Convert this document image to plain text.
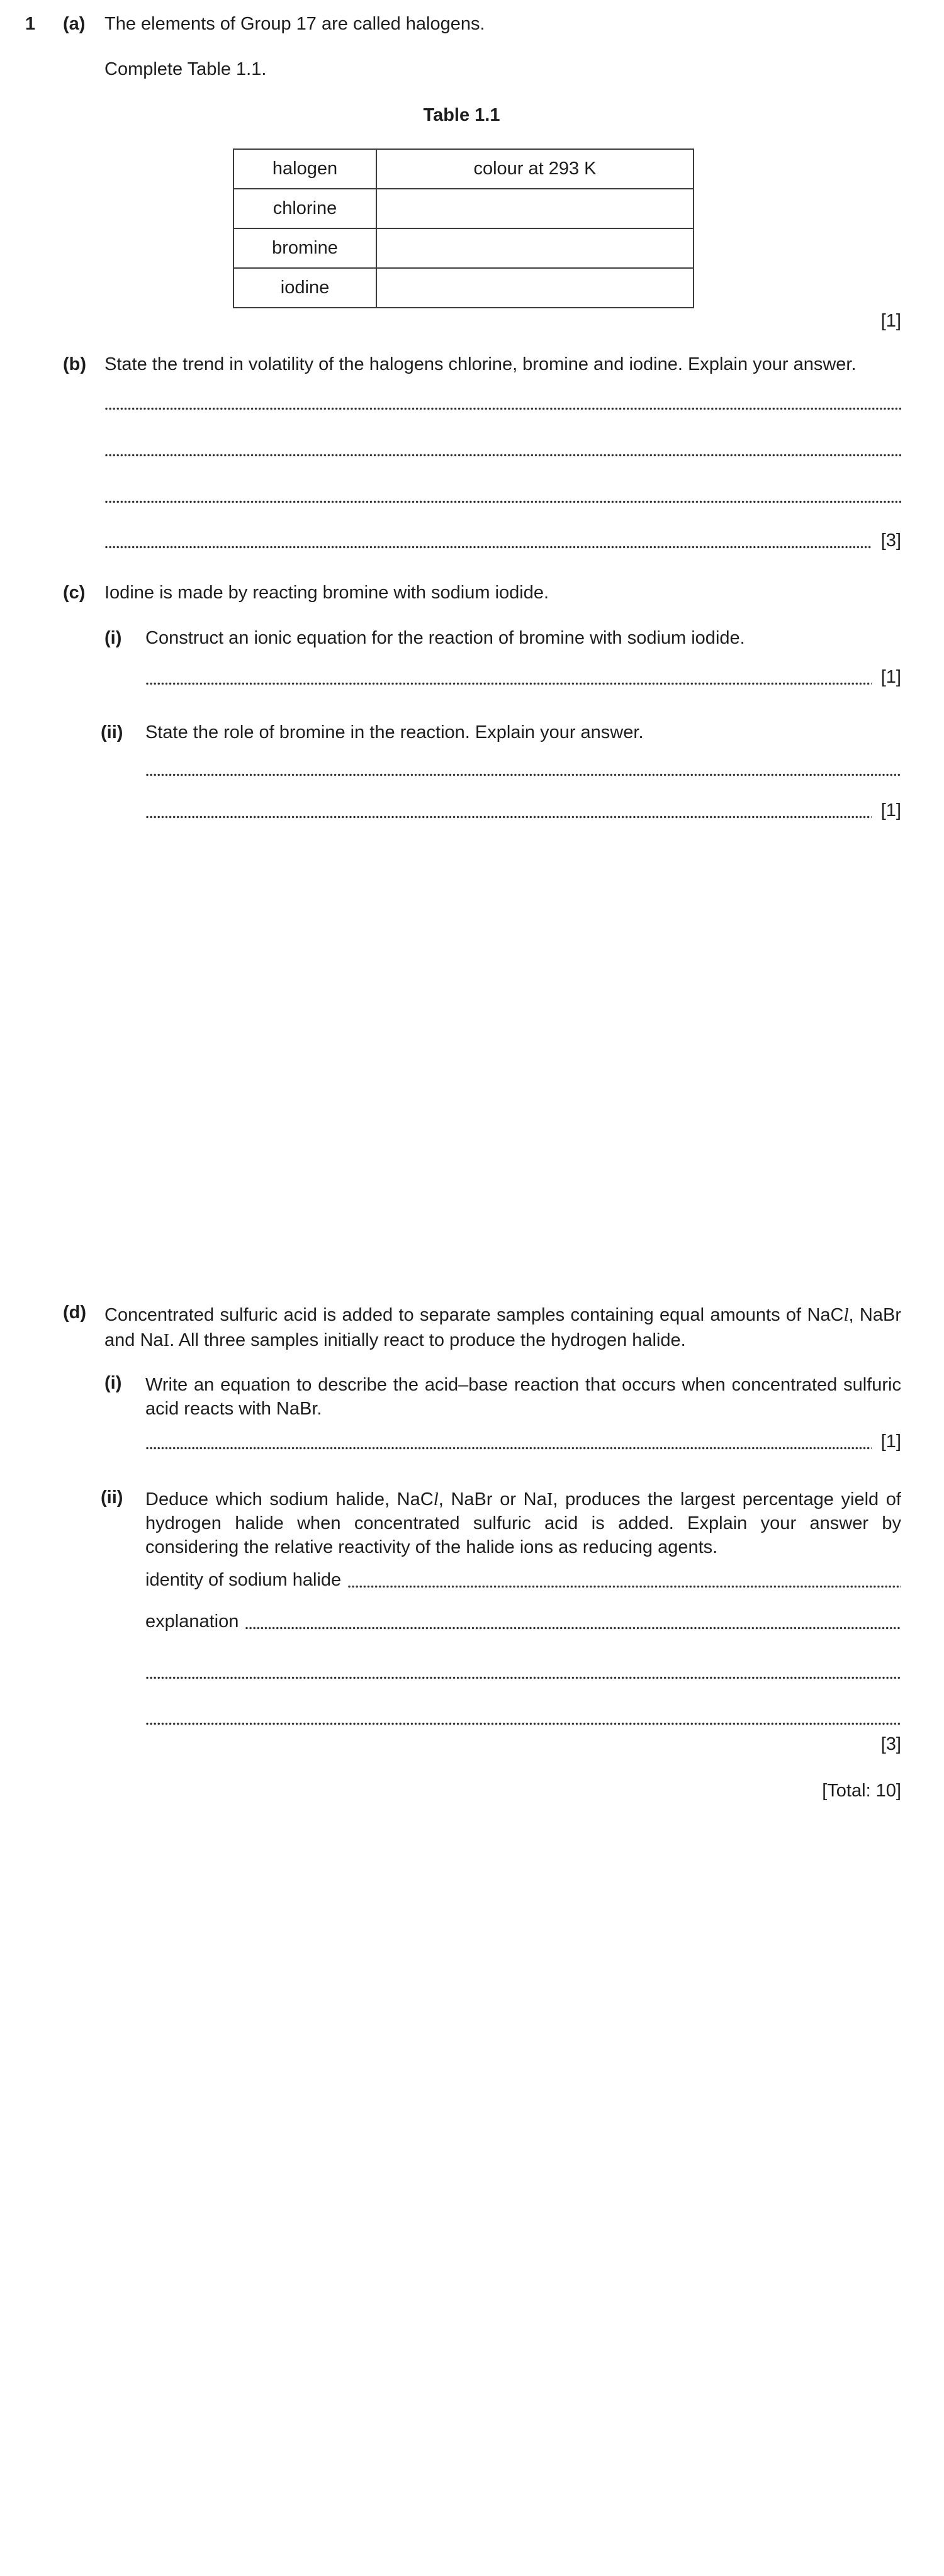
1 (a) The elements of Group 17 are called halogens.
Complete Table 1.1.
Table 1.1
halogen	colour at 293 K
chlorine	
bromine	
iodine	
[1]
(b) State the trend in volatility of the halogens chlorine, bromine and iodine. Explain your answer.
[3]
(c) Iodine is made by reacting bromine with sodium iodide.
(i) Construct an ionic equation for the reaction of bromine with sodium iodide.
[1]
(ii) State the role of bromine in the reaction. Explain your answer.
[1]
(d) Concentrated sulfuric acid is added to separate samples containing equal amounts of NaCl, NaBr and NaI. All three samples initially react to produce the hydrogen halide.
(i) Write an equation to describe the acid–base reaction that occurs when concentrated sulfuric acid reacts with NaBr.
[1]
(ii) Deduce which sodium halide, NaCl, NaBr or NaI, produces the largest percentage yield of hydrogen halide when concentrated sulfuric acid is added. Explain your answer by considering the relative reactivity of the halide ions as reducing agents.
identity of sodium halide
explanation
[3]
[Total: 10]
